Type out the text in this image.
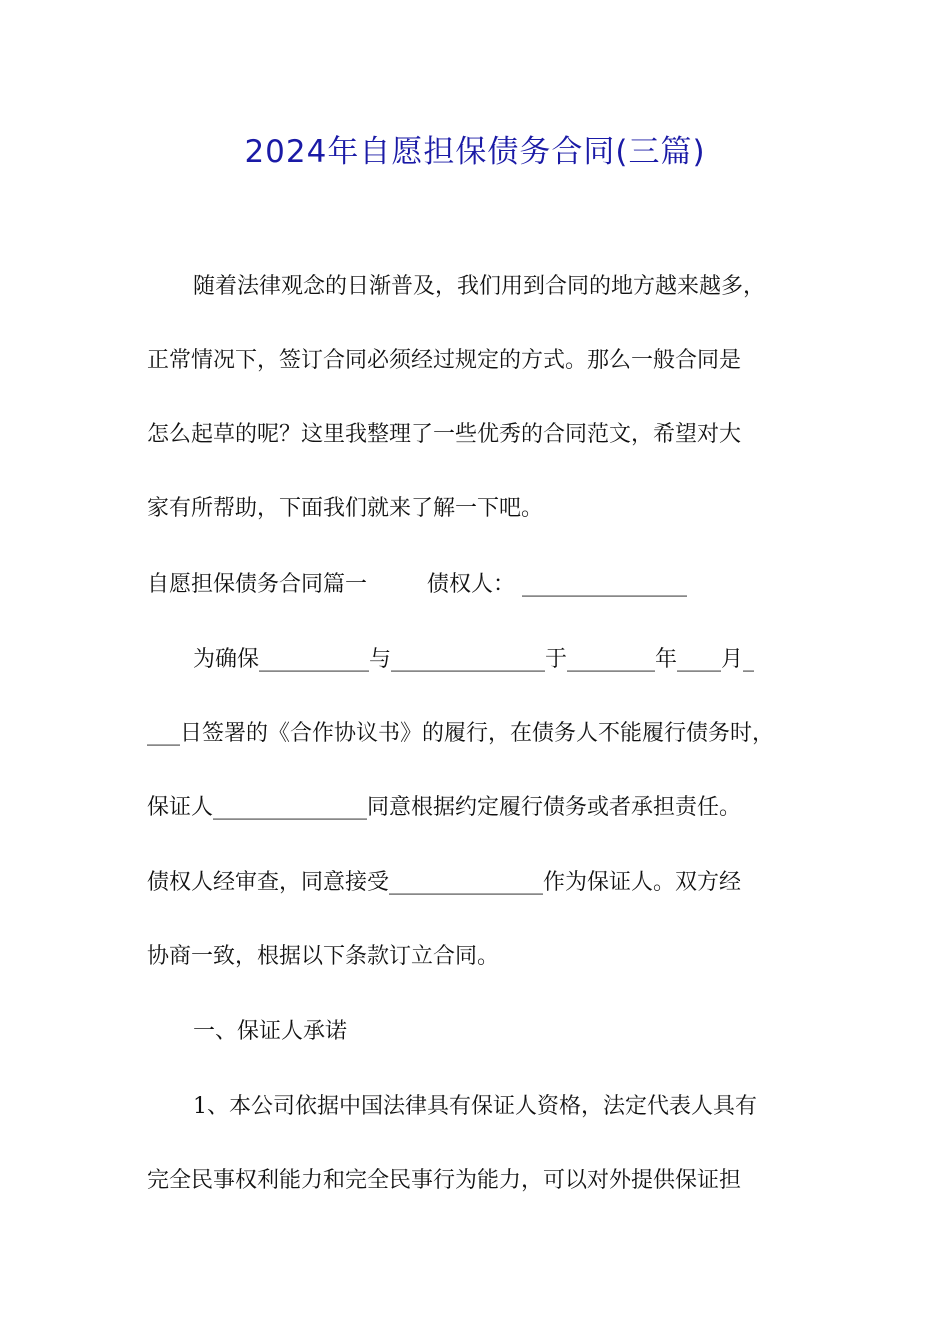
2024年自愿担保债务合同(三篇)
随着法律观念的日渐普及，我们用到合同的地方越来越多，
正常情况下，签订合同必须经过规定的方式。那么一般合同是
怎么起草的呢？这里我整理了一些优秀的合同范文，希望对大
家有所帮助，下面我们就来了解一下吧。
自愿担保债务合同篇一	债权人： _______________
为确保__________与______________于________年____月_
___日签署的《合作协议书》的履行，在债务人不能履行债务时，
保证人______________同意根据约定履行债务或者承担责任。
债权人经审查，同意接受______________作为保证人。双方经
协商一致，根据以下条款订立合同。
一、保证人承诺
1、本公司依据中国法律具有保证人资格，法定代表人具有
完全民事权利能力和完全民事行为能力，可以对外提供保证担
